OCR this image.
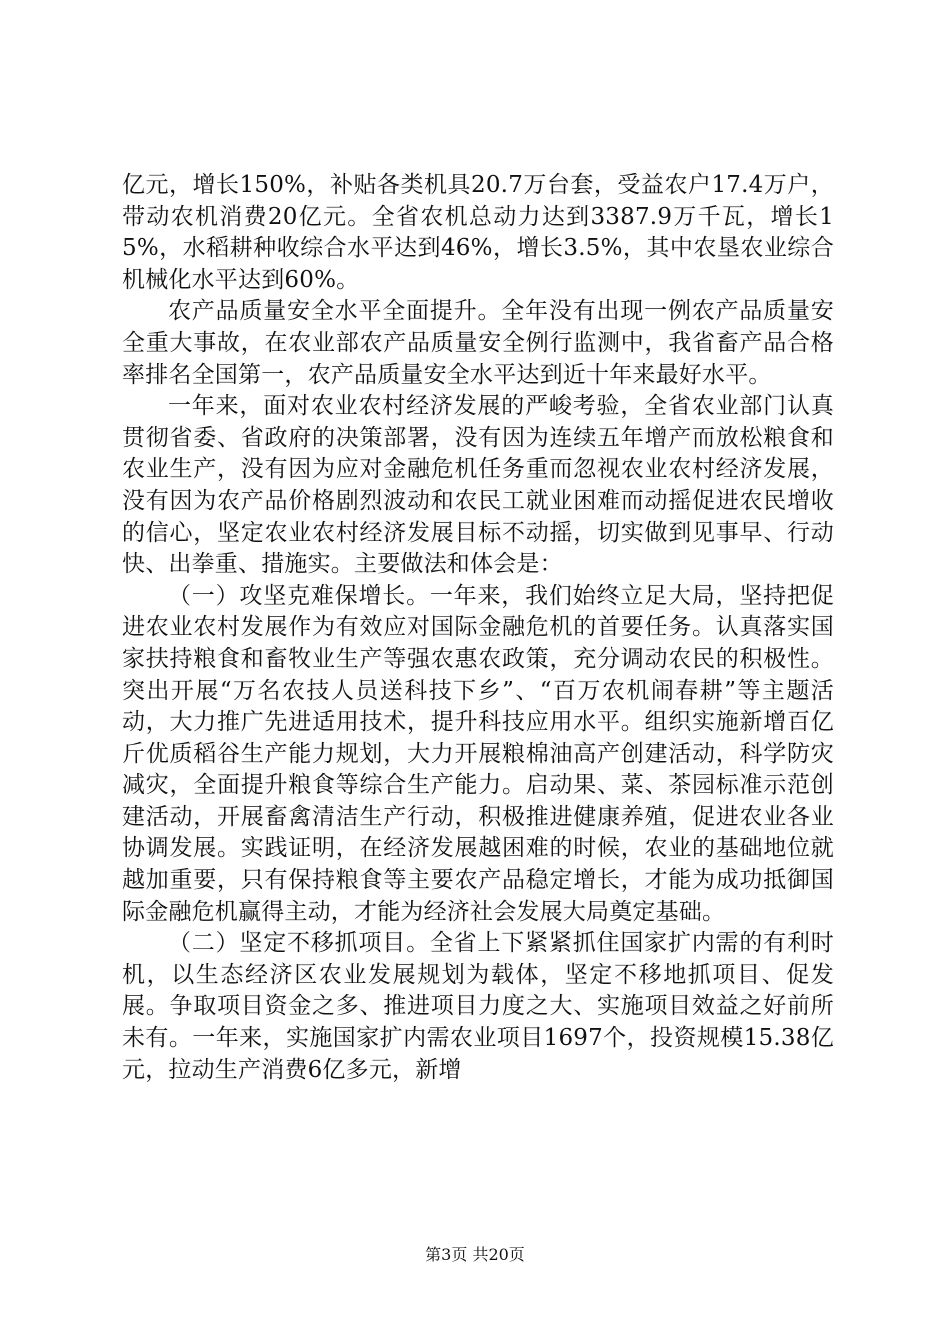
亿元，增长150%，补贴各类机具20.7万台套，受益农户17.4万户，带动农机消费20亿元。全省农机总动力达到3387.9万千瓦，增长15%，水稻耕种收综合水平达到46%，增长3.5%，其中农垦农业综合机械化水平达到60%。

农产品质量安全水平全面提升。全年没有出现一例农产品质量安全重大事故，在农业部农产品质量安全例行监测中，我省畜产品合格率排名全国第一，农产品质量安全水平达到近十年来最好水平。

一年来，面对农业农村经济发展的严峻考验，全省农业部门认真贯彻省委、省政府的决策部署，没有因为连续五年增产而放松粮食和农业生产，没有因为应对金融危机任务重而忽视农业农村经济发展，没有因为农产品价格剧烈波动和农民工就业困难而动摇促进农民增收的信心，坚定农业农村经济发展目标不动摇，切实做到见事早、行动快、出拳重、措施实。主要做法和体会是：

（一）攻坚克难保增长。一年来，我们始终立足大局，坚持把促进农业农村发展作为有效应对国际金融危机的首要任务。认真落实国家扶持粮食和畜牧业生产等强农惠农政策，充分调动农民的积极性。突出开展“万名农技人员送科技下乡”、“百万农机闹春耕”等主题活动，大力推广先进适用技术，提升科技应用水平。组织实施新增百亿斤优质稻谷生产能力规划，大力开展粮棉油高产创建活动，科学防灾减灾，全面提升粮食等综合生产能力。启动果、菜、茶园标准示范创建活动，开展畜禽清洁生产行动，积极推进健康养殖，促进农业各业协调发展。实践证明，在经济发展越困难的时候，农业的基础地位就越加重要，只有保持粮食等主要农产品稳定增长，才能为成功抵御国际金融危机赢得主动，才能为经济社会发展大局奠定基础。

（二）坚定不移抓项目。全省上下紧紧抓住国家扩内需的有利时机，以生态经济区农业发展规划为载体，坚定不移地抓项目、促发展。争取项目资金之多、推进项目力度之大、实施项目效益之好前所未有。一年来，实施国家扩内需农业项目1697个，投资规模15.38亿元，拉动生产消费6亿多元，新增

第3页 共20页
